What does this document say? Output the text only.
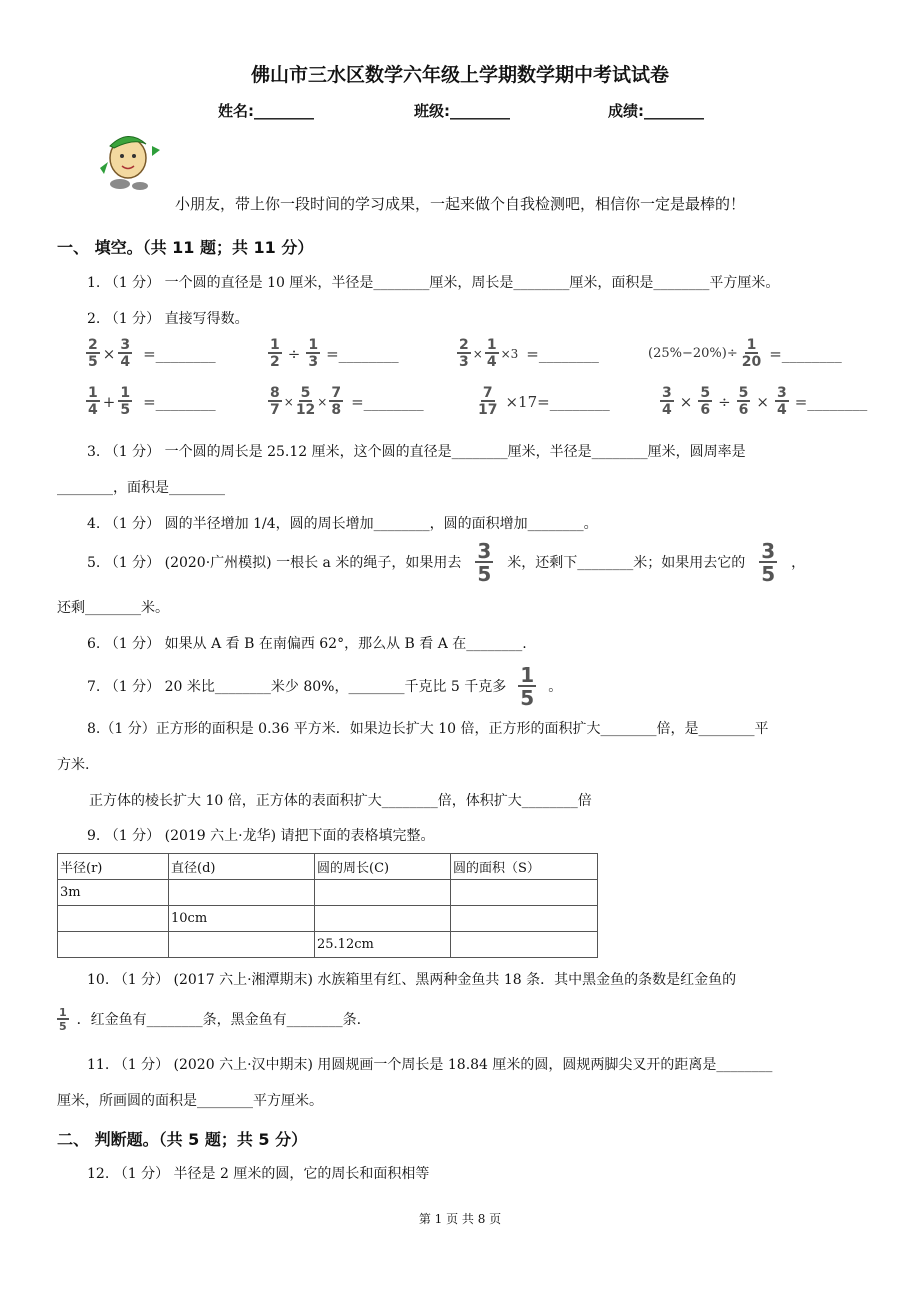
佛山市三水区数学六年级上学期数学期中考试试卷
姓名:________	班级:________	成绩:________
小朋友，带上你一段时间的学习成果，一起来做个自我检测吧，相信你一定是最棒的！
一、 填空。（共 11 题；共 11 分）
1. （1 分） 一个圆的直径是 10 厘米，半径是________厘米，周长是________厘米，面积是________平方厘米。
2. （1 分） 直接写得数。
$\frac{2}{5} \times \frac{3}{4}$ =________	$\frac{1}{2} \div \frac{1}{3}$ =________	$\frac{2}{3} \times \frac{1}{4} \times 3$ =________	$(25\%-20\%)\div \frac{1}{20}$ =________
$\frac{1}{4} + \frac{1}{5}$ =________	$\frac{8}{7} \times \frac{5}{12} \times \frac{7}{8}$ =________	$\frac{7}{17}$ ×17=________	$\frac{3}{4} \times \frac{5}{6} \div \frac{5}{6} \times \frac{3}{4}$ =________
3. （1 分） 一个圆的周长是 25.12 厘米，这个圆的直径是________厘米，半径是________厘米，圆周率是
________，面积是________
4. （1 分） 圆的半径增加 1/4，圆的周长增加________，圆的面积增加________。
5. （1 分） (2020·广州模拟) 一根长 a 米的绳子，如果用去 $\frac{3}{5}$ 米，还剩下________米；如果用去它的 $\frac{3}{5}$ ，
还剩________米。
6. （1 分） 如果从 A 看 B 在南偏西 62°，那么从 B 看 A 在________.
7. （1 分） 20 米比________米少 80%，________千克比 5 千克多 $\frac{1}{5}$ 。
8.（1 分）正方形的面积是 0.36 平方米．如果边长扩大 10 倍，正方形的面积扩大________倍，是________平
方米.
正方体的棱长扩大 10 倍，正方体的表面积扩大________倍，体积扩大________倍
9. （1 分） (2019 六上·龙华) 请把下面的表格填完整。
半径(r)	直径(d)	圆的周长(C)	圆的面积（S）
3m			
	10cm		
		25.12cm	
10. （1 分） (2017 六上·湘潭期末) 水族箱里有红、黑两种金鱼共 18 条．其中黑金鱼的条数是红金鱼的
$\frac{1}{5}$ ．红金鱼有________条，黑金鱼有________条.
11. （1 分） (2020 六上·汉中期末) 用圆规画一个周长是 18.84 厘米的圆，圆规两脚尖叉开的距离是________
厘米，所画圆的面积是________平方厘米。
二、 判断题。（共 5 题；共 5 分）
12. （1 分） 半径是 2 厘米的圆，它的周长和面积相等
第 1 页 共 8 页
